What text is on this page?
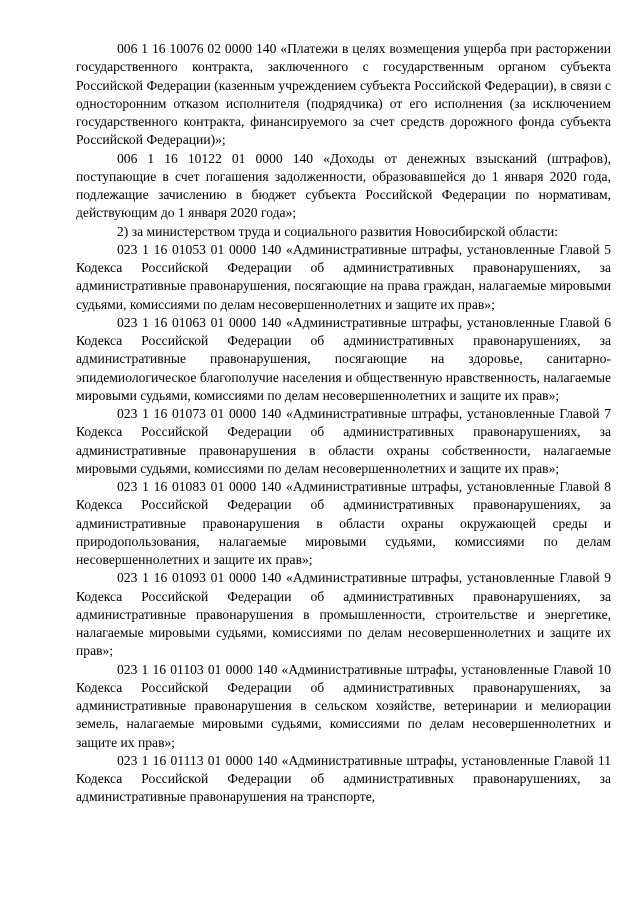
006 1 16 10076 02 0000 140 «Платежи в целях возмещения ущерба при расторжении государственного контракта, заключенного с государственным органом субъекта Российской Федерации (казенным учреждением субъекта Российской Федерации), в связи с односторонним отказом исполнителя (подрядчика) от его исполнения (за исключением государственного контракта, финансируемого за счет средств дорожного фонда субъекта Российской Федерации)»;

006 1 16 10122 01 0000 140 «Доходы от денежных взысканий (штрафов), поступающие в счет погашения задолженности, образовавшейся до 1 января 2020 года, подлежащие зачислению в бюджет субъекта Российской Федерации по нормативам, действующим до 1 января 2020 года»;

2) за министерством труда и социального развития Новосибирской области:

023 1 16 01053 01 0000 140 «Административные штрафы, установленные Главой 5 Кодекса Российской Федерации об административных правонарушениях, за административные правонарушения, посягающие на права граждан, налагаемые мировыми судьями, комиссиями по делам несовершеннолетних и защите их прав»;

023 1 16 01063 01 0000 140 «Административные штрафы, установленные Главой 6 Кодекса Российской Федерации об административных правонарушениях, за административные правонарушения, посягающие на здоровье, санитарно-эпидемиологическое благополучие населения и общественную нравственность, налагаемые мировыми судьями, комиссиями по делам несовершеннолетних и защите их прав»;

023 1 16 01073 01 0000 140 «Административные штрафы, установленные Главой 7 Кодекса Российской Федерации об административных правонарушениях, за административные правонарушения в области охраны собственности, налагаемые мировыми судьями, комиссиями по делам несовершеннолетних и защите их прав»;

023 1 16 01083 01 0000 140 «Административные штрафы, установленные Главой 8 Кодекса Российской Федерации об административных правонарушениях, за административные правонарушения в области охраны окружающей среды и природопользования, налагаемые мировыми судьями, комиссиями по делам несовершеннолетних и защите их прав»;

023 1 16 01093 01 0000 140 «Административные штрафы, установленные Главой 9 Кодекса Российской Федерации об административных правонарушениях, за административные правонарушения в промышленности, строительстве и энергетике, налагаемые мировыми судьями, комиссиями по делам несовершеннолетних и защите их прав»;

023 1 16 01103 01 0000 140 «Административные штрафы, установленные Главой 10 Кодекса Российской Федерации об административных правонарушениях, за административные правонарушения в сельском хозяйстве, ветеринарии и мелиорации земель, налагаемые мировыми судьями, комиссиями по делам несовершеннолетних и защите их прав»;

023 1 16 01113 01 0000 140 «Административные штрафы, установленные Главой 11 Кодекса Российской Федерации об административных правонарушениях, за административные правонарушения на транспорте,
